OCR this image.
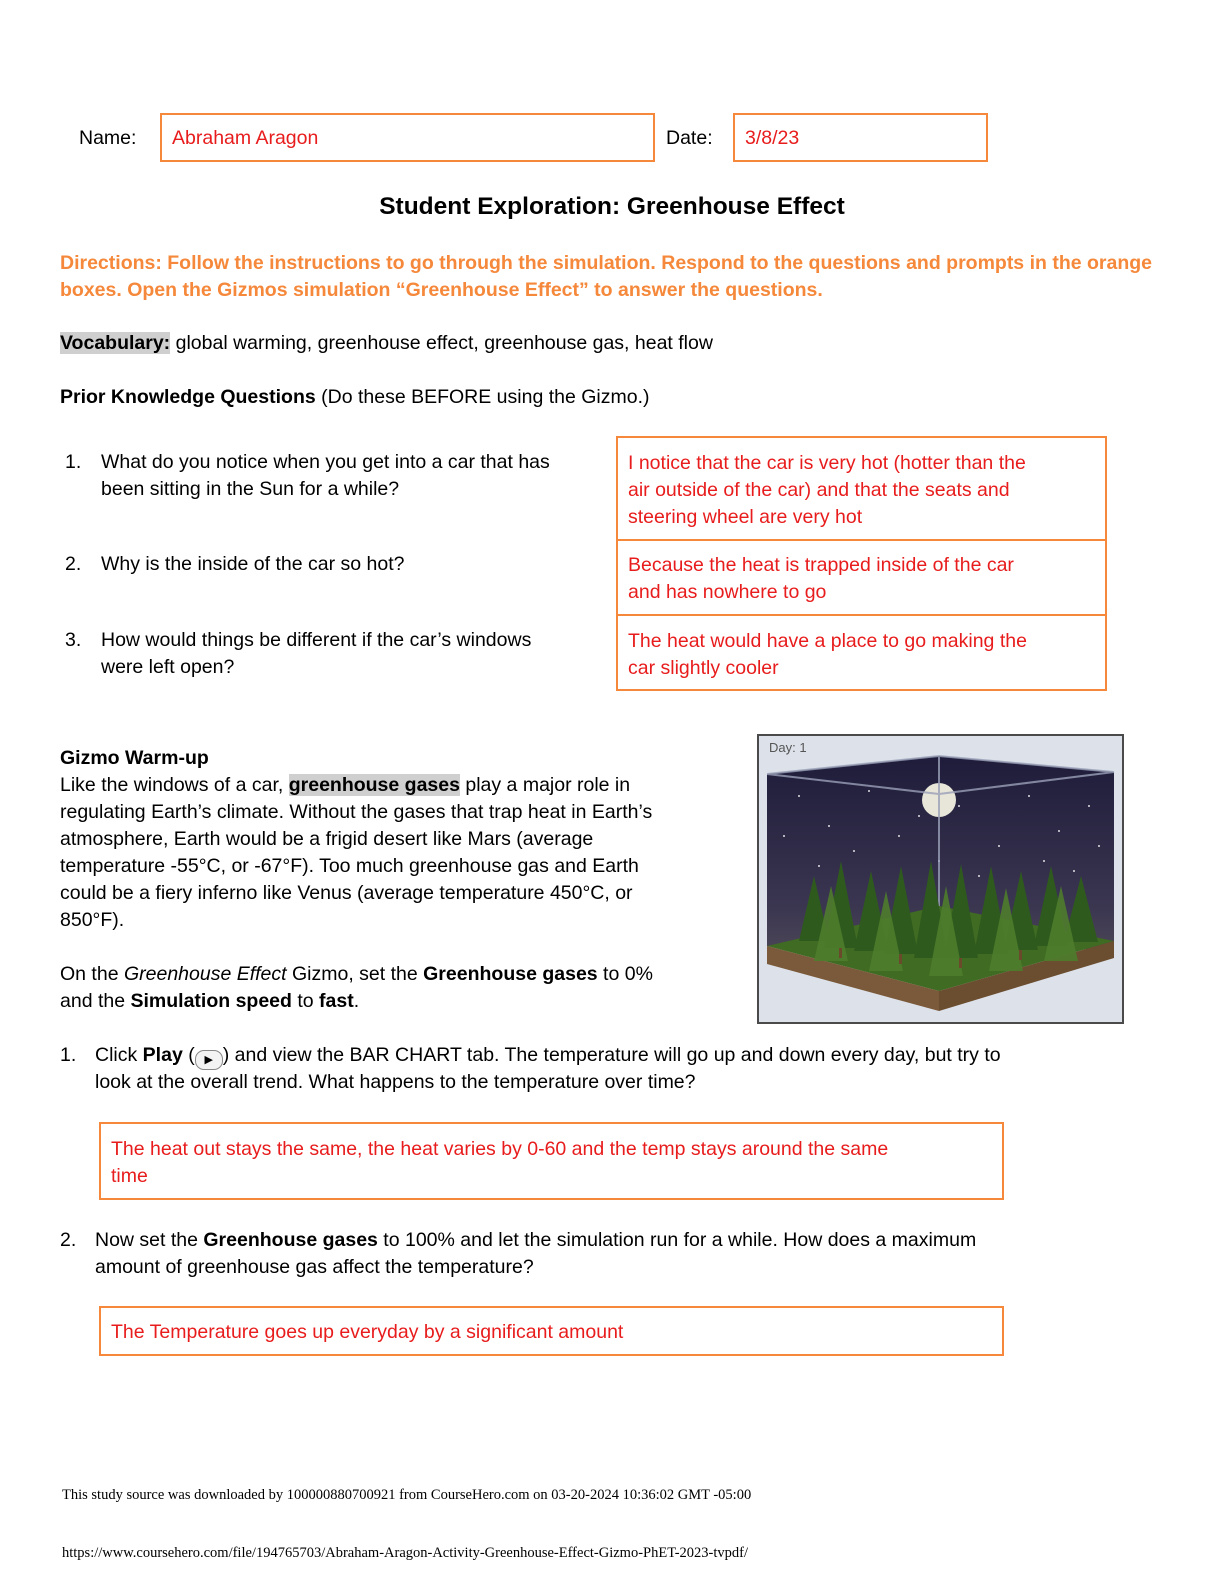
Name: Abraham Aragon	Date: 3/8/23
Student Exploration: Greenhouse Effect

Directions: Follow the instructions to go through the simulation. Respond to the questions and prompts in the orange boxes. Open the Gizmos simulation “Greenhouse Effect” to answer the questions.

Vocabulary: global warming, greenhouse effect, greenhouse gas, heat flow
Prior Knowledge Questions (Do these BEFORE using the Gizmo.)
1. What do you notice when you get into a car that has
been sitting in the Sun for a while?
2. Why is the inside of the car so hot?
3. How would things be different if the car’s windows
were left open?
I notice that the car is very hot (hotter than the
air outside of the car) and that the seats and
steering wheel are very hot
Because the heat is trapped inside of the car
and has nowhere to go
The heat would have a place to go making the
car slightly cooler
Gizmo Warm-up
Like the windows of a car, greenhouse gases play a major role in
regulating Earth’s climate. Without the gases that trap heat in Earth’s
atmosphere, Earth would be a frigid desert like Mars (average
temperature -55°C, or -67°F). Too much greenhouse gas and Earth
could be a fiery inferno like Venus (average temperature 450°C, or
850°F).
On the Greenhouse Effect Gizmo, set the Greenhouse gases to 0%
and the Simulation speed to fast.
Day: 1
1. Click Play ( ▶ ) and view the BAR CHART tab. The temperature will go up and down every day, but try to
look at the overall trend. What happens to the temperature over time?
The heat out stays the same, the heat varies by 0-60 and the temp stays around the same
time
2. Now set the Greenhouse gases to 100% and let the simulation run for a while. How does a maximum
amount of greenhouse gas affect the temperature?
The Temperature goes up everyday by a significant amount
This study source was downloaded by 100000880700921 from CourseHero.com on 03-20-2024 10:36:02 GMT -05:00
https://www.coursehero.com/file/194765703/Abraham-Aragon-Activity-Greenhouse-Effect-Gizmo-PhET-2023-tvpdf/
